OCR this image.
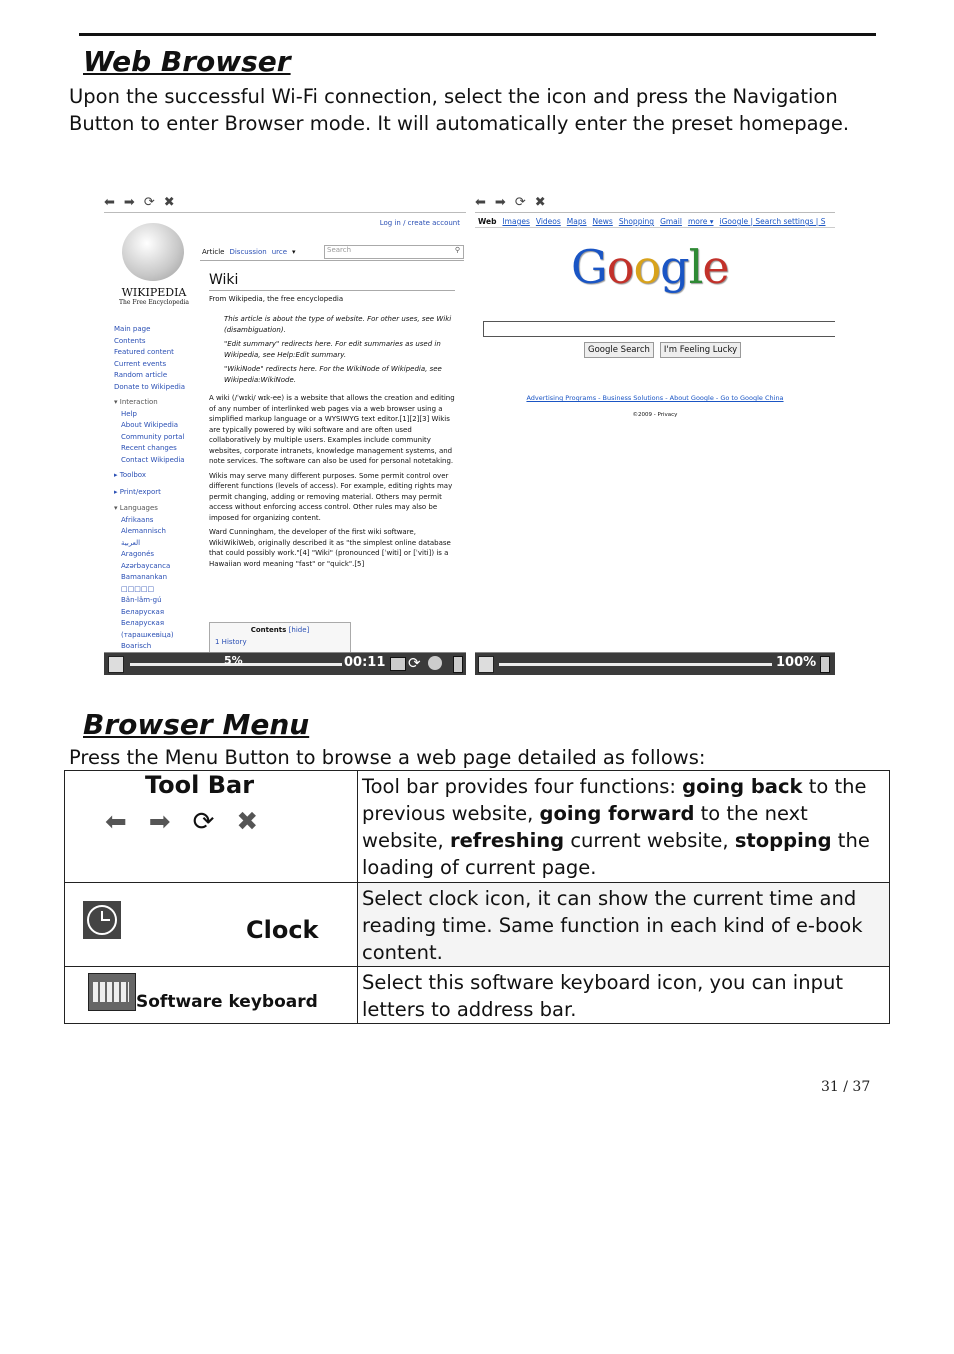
Web Browser

Upon the successful Wi-Fi connection, select the icon and press the Navigation Button to enter Browser mode. It will automatically enter the preset homepage.

⬅ ➡ ⟳ ✖
Log in / create account
WIKIPEDIA
The Free Encyclopedia
Main page
Contents
Featured content
Current events
Random article
Donate to Wikipedia
▾ Interaction
Help
About Wikipedia
Community portal
Recent changes
Contact Wikipedia
▸ Toolbox
▸ Print/export
▾ Languages
Afrikaans
Alemannisch
العربية
Aragonés
Azərbaycanca
Bamanankan
□□□□□
Bân-lâm-gú
Беларуская
Беларуская (тарашкевіца)
Boarisch
Article Discussion urce ▾	Search	⚲
Wiki
From Wikipedia, the free encyclopedia
This article is about the type of website. For other uses, see Wiki (disambiguation).
"Edit summary" redirects here. For edit summaries as used in Wikipedia, see Help:Edit summary.
"WikiNode" redirects here. For the WikiNode of Wikipedia, see Wikipedia:WikiNode.
A wiki (/ˈwɪki/ wɪk-ee) is a website that allows the creation and editing of any number of interlinked web pages via a web browser using a simplified markup language or a WYSIWYG text editor.[1][2][3] Wikis are typically powered by wiki software and are often used collaboratively by multiple users. Examples include community websites, corporate intranets, knowledge management systems, and note services. The software can also be used for personal notetaking.
Wikis may serve many different purposes. Some permit control over different functions (levels of access). For example, editing rights may permit changing, adding or removing material. Others may permit access without enforcing access control. Other rules may also be imposed for organizing content.
Ward Cunningham, the developer of the first wiki software, WikiWikiWeb, originally described it as "the simplest online database that could possibly work."[4] "Wiki" (pronounced [ˈwiti] or [ˈviti]) is a Hawaiian word meaning "fast" or "quick".[5]
Contents [hide]
1 History
5%	00:11 ⟳
⬅ ➡ ⟳ ✖
Web Images Videos Maps News Shopping Gmail more ▾ iGoogle | Search settings | S
Google
Google Search	I'm Feeling Lucky
Advertising Programs - Business Solutions - About Google - Go to Google China
©2009 - Privacy
100%
Browser Menu

Press the Menu Button to browse a web page detailed as follows:

Tool Bar
⬅ ➡ ⟳ ✖	Tool bar provides four functions: going back to the previous website, going forward to the next website, refreshing current website, stopping the loading of current page.

Clock	Select clock icon, it can show the current time and reading time. Same function in each kind of e-book content.

Software keyboard	Select this software keyboard icon, you can input letters to address bar.
31 / 37
